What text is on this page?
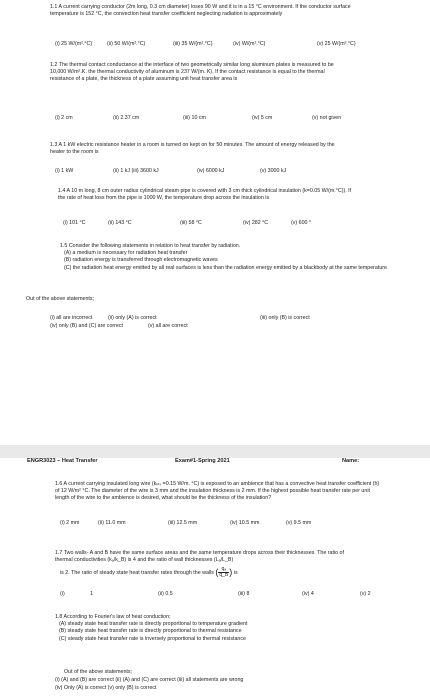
1.1 A current carrying conductor (2m long, 0.3 cm diameter) loses 90 W and it is in a 15 °C environment. If the conductor surface temperature is 152 °C, the convection heat transfer coefficient neglecting radiation is approximately

(i) 25 W/(m².°C)	(ii) 50 W/(m².°C)	(iii) 35 W/(m².°C)	(iv) W/(m².°C)	(v) 25 W/(m².°C)

1.2 The thermal contact conductance at the interface of two geometrically similar long aluminum plates is measured to be 10,000 W/m².K. the thermal conductivity of aluminum is 237 W/(m. K). If the contact resistance is equal to the thermal resistance of a plate, the thickness of a plate assuming unit heat transfer area is

(i) 2 cm	(ii) 2.37 cm	(iii) 10 cm	(iv) 5 cm	(v) not given

1.3 A 1 kW electric resistance heater in a room is turned on kept on for 50 minutes. The amount of energy released by the heater to the room is

(i) 1 kW	(ii) 1 kJ (iii) 3600 kJ	(iv) 6000 kJ	(v) 3000 kJ

1.4 A 10 m long, 8 cm outer radius cylindrical steam pipe is covered with 3 cm thick cylindrical insulation (k=0.05 W/(m.°C)). If the rate of heat loss from the pipe is 1000 W, the temperature drop across the insulation is

(i) 101 °C	(ii) 143 °C	(iii) 58 °C	(iv) 282 °C	(v) 600 °

1.5 Consider the following statements in relation to heat transfer by radiation.

(A) a medium is necessary for radiation heat transfer

(B) radiation energy is transferred through electromagnetic waves

(C) the radiation heat energy emitted by all real surfaces is less than the radiation energy emitted by a blackbody at the same temperature

Out of the above statements;

(i) all are incorrect	(ii) only (A) is correct	(iii) only (B) is correct
(iv) only (B) and (C) are correct	(v) all are correct
ENGR3023 – Heat Transfer	Exam#1-Spring 2021	Name:

1.6 A current carrying insulated long wire (kᵢₙₛ =0.15 W/m. °C) is exposed to an ambience that has a convective heat transfer coefficient (h) of 12 W/m² °C. The diameter of the wire is 3 mm and the insulation thickness is 2 mm. If the highest possible heat transfer rate per unit length of the wire to the ambience is desired, what should be the thickness of the insulation?

(i) 2 mm	(ii) 11.0 mm	(iii) 12.5 mm	(iv) 10.5 mm	(v) 9.5 mm

1.7 Two walls- A and B have the same surface areas and the same temperature drops across their thicknesses. The ratio of thermal conductivities (kₐ/k_B) is 4 and the ratio of wall thicknesses (Lₐ/L_B)

is 2. The ratio of steady state heat transfer rates through the walls ( $\frac{\text{qₐ}}{q\_B}$ ) is

(i)	1	(ii) 0.5	(iii) 8	(iv) 4	(v) 2

1.8 According to Fourier's law of heat conduction;

(A) steady state heat transfer rate is directly proportional to temperature gradient

(B) steady state heat transfer rate is directly proportional to thermal resistance

(C) steady state heat transfer rate is inversely proportional to thermal resistance

Out of the above statements;

(i) (A) and (B) are correct (ii) (A) and (C) are correct (iii) all statements are wrong
(iv) Only (A) is correct (v) only (B) is correct
